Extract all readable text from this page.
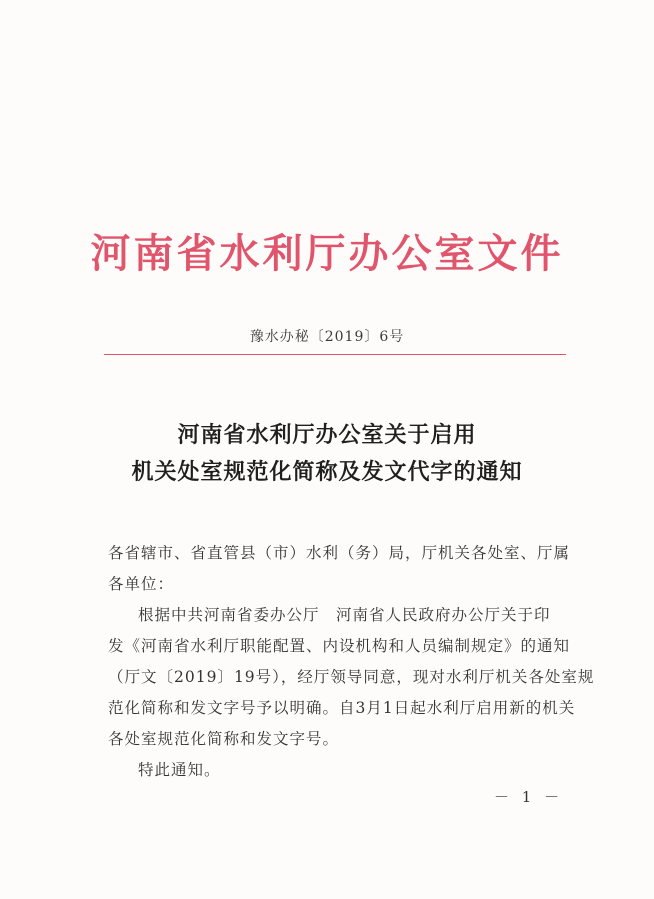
河南省水利厅办公室文件
豫水办秘〔2019〕6号
河南省水利厅办公室关于启用
机关处室规范化简称及发文代字的通知
各省辖市、省直管县（市）水利（务）局，厅机关各处室、厅属
各单位：
根据中共河南省委办公厅　河南省人民政府办公厅关于印
发《河南省水利厅职能配置、内设机构和人员编制规定》的通知
（厅文〔2019〕19号），经厅领导同意，现对水利厅机关各处室规
范化简称和发文字号予以明确。自3月1日起水利厅启用新的机关
各处室规范化简称和发文字号。
特此通知。
－ 1 －
